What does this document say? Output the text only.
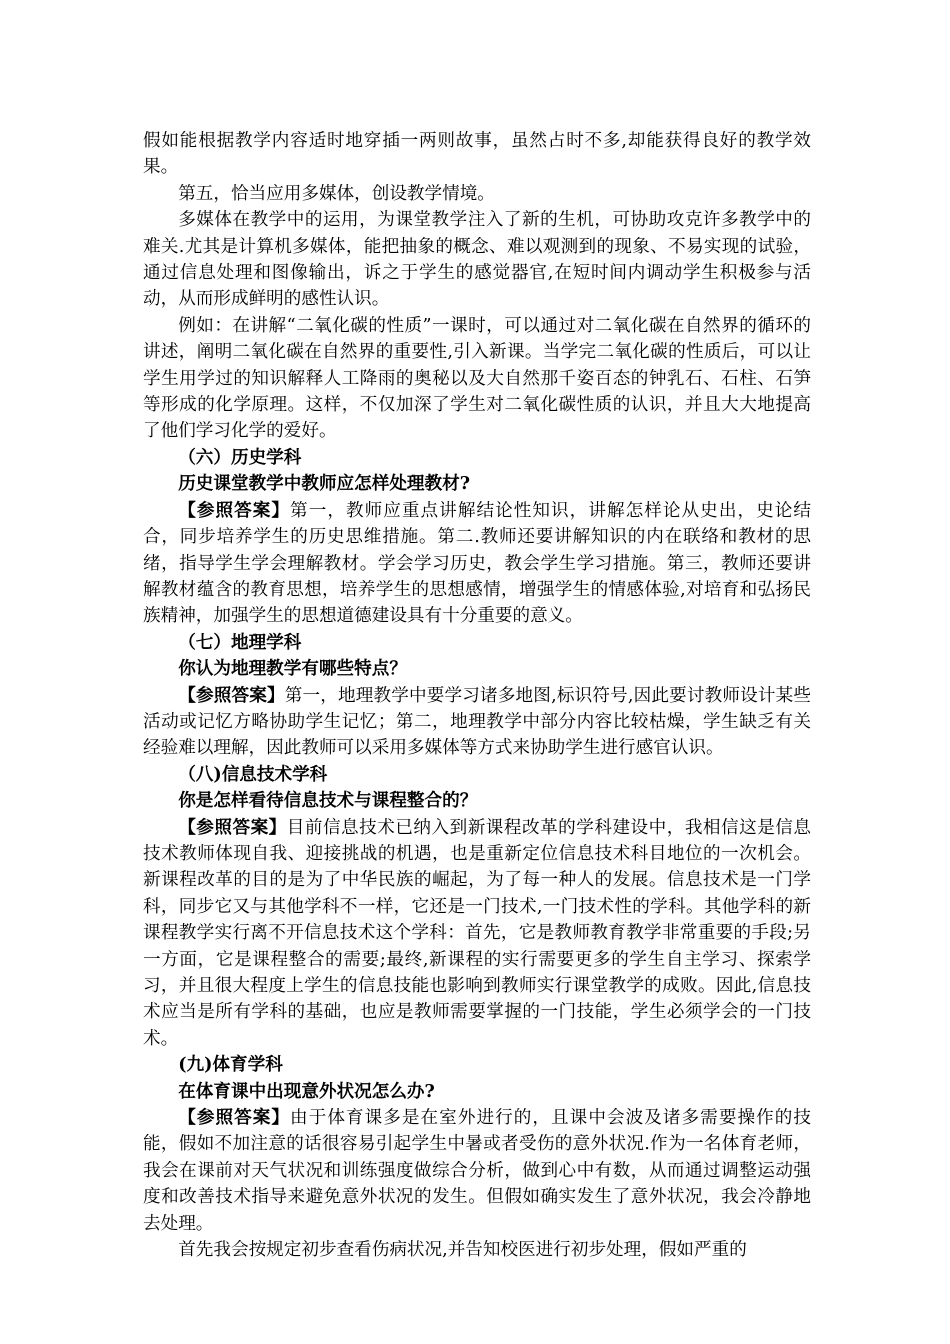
假如能根据教学内容适时地穿插一两则故事，虽然占时不多,却能获得良好的教学效果。

第五，恰当应用多媒体，创设教学情境。

多媒体在教学中的运用，为课堂教学注入了新的生机，可协助攻克许多教学中的难关.尤其是计算机多媒体，能把抽象的概念、难以观测到的现象、不易实现的试验，通过信息处理和图像输出，诉之于学生的感觉器官,在短时间内调动学生积极参与活动，从而形成鲜明的感性认识。

例如：在讲解“二氧化碳的性质”一课时，可以通过对二氧化碳在自然界的循环的讲述，阐明二氧化碳在自然界的重要性,引入新课。当学完二氧化碳的性质后，可以让学生用学过的知识解释人工降雨的奥秘以及大自然那千姿百态的钟乳石、石柱、石笋等形成的化学原理。这样，不仅加深了学生对二氧化碳性质的认识，并且大大地提高了他们学习化学的爱好。

（六）历史学科

历史课堂教学中教师应怎样处理教材?

【参照答案】第一，教师应重点讲解结论性知识，讲解怎样论从史出，史论结合，同步培养学生的历史思维措施。第二.教师还要讲解知识的内在联络和教材的思绪，指导学生学会理解教材。学会学习历史，教会学生学习措施。第三，教师还要讲解教材蕴含的教育思想，培养学生的思想感情，增强学生的情感体验,对培育和弘扬民族精神，加强学生的思想道德建设具有十分重要的意义。

（七）地理学科

你认为地理教学有哪些特点？

【参照答案】第一，地理教学中要学习诸多地图,标识符号,因此要讨教师设计某些活动或记忆方略协助学生记忆；第二，地理教学中部分内容比较枯燥，学生缺乏有关经验难以理解，因此教师可以采用多媒体等方式来协助学生进行感官认识。

（八)信息技术学科

你是怎样看待信息技术与课程整合的？

【参照答案】目前信息技术已纳入到新课程改革的学科建设中，我相信这是信息技术教师体现自我、迎接挑战的机遇，也是重新定位信息技术科目地位的一次机会。新课程改革的目的是为了中华民族的崛起，为了每一种人的发展。信息技术是一门学科，同步它又与其他学科不一样，它还是一门技术,一门技术性的学科。其他学科的新课程教学实行离不开信息技术这个学科：首先，它是教师教育教学非常重要的手段;另一方面，它是课程整合的需要;最终,新课程的实行需要更多的学生自主学习、探索学习，并且很大程度上学生的信息技能也影响到教师实行课堂教学的成败。因此,信息技术应当是所有学科的基础，也应是教师需要掌握的一门技能，学生必须学会的一门技术。

(九)体育学科

在体育课中出现意外状况怎么办?

【参照答案】由于体育课多是在室外进行的，且课中会波及诸多需要操作的技能，假如不加注意的话很容易引起学生中暑或者受伤的意外状况.作为一名体育老师，我会在课前对天气状况和训练强度做综合分析，做到心中有数，从而通过调整运动强度和改善技术指导来避免意外状况的发生。但假如确实发生了意外状况，我会冷静地去处理。

首先我会按规定初步查看伤病状况,并告知校医进行初步处理，假如严重的
